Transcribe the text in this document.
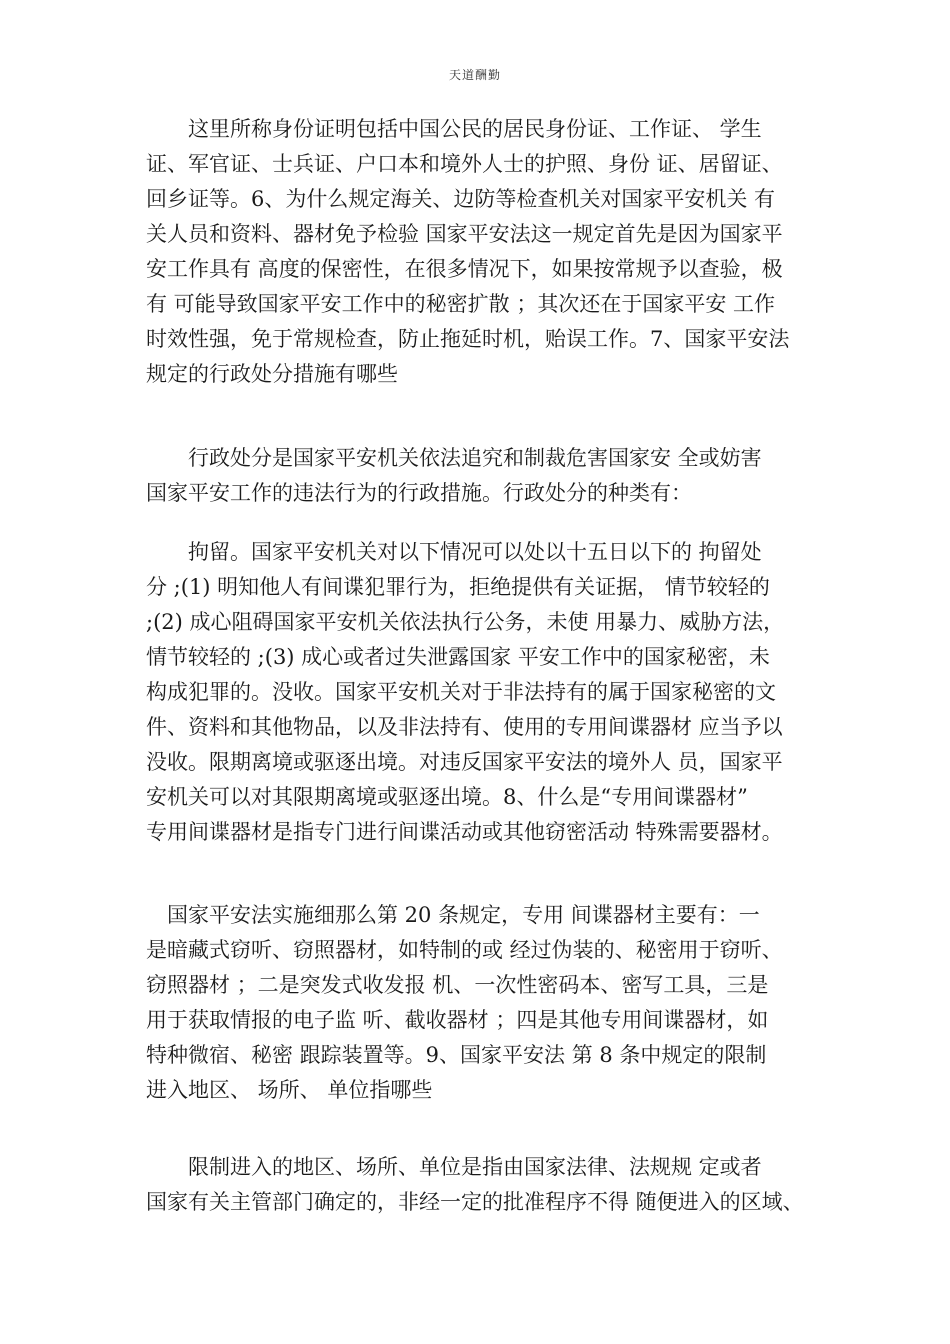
天道酬勤
　　这里所称身份证明包括中国公民的居民身份证、工作证、 学生
证、军官证、士兵证、户口本和境外人士的护照、身份 证、居留证、
回乡证等。6、为什么规定海关、边防等检查机关对国家平安机关 有
关人员和资料、器材免予检验 国家平安法这一规定首先是因为国家平
安工作具有 高度的保密性，在很多情况下，如果按常规予以查验，极
有 可能导致国家平安工作中的秘密扩散 ；其次还在于国家平安 工作
时效性强，免于常规检查，防止拖延时机，贻误工作。7、国家平安法
规定的行政处分措施有哪些
　　行政处分是国家平安机关依法追究和制裁危害国家安 全或妨害
国家平安工作的违法行为的行政措施。行政处分的种类有：
　　拘留。国家平安机关对以下情况可以处以十五日以下的 拘留处
分 ;(1) 明知他人有间谍犯罪行为，拒绝提供有关证据， 情节较轻的
;(2) 成心阻碍国家平安机关依法执行公务，未使 用暴力、威胁方法，
情节较轻的 ;(3) 成心或者过失泄露国家 平安工作中的国家秘密，未
构成犯罪的。没收。国家平安机关对于非法持有的属于国家秘密的文
件、资料和其他物品，以及非法持有、使用的专用间谍器材 应当予以
没收。限期离境或驱逐出境。对违反国家平安法的境外人 员，国家平
安机关可以对其限期离境或驱逐出境。8、什么是“专用间谍器材”
专用间谍器材是指专门进行间谍活动或其他窃密活动 特殊需要器材。
　国家平安法实施细那么第 20 条规定，专用 间谍器材主要有：一
是暗藏式窃听、窃照器材，如特制的或 经过伪装的、秘密用于窃听、
窃照器材 ；二是突发式收发报 机、一次性密码本、密写工具，三是
用于获取情报的电子监 听、截收器材 ；四是其他专用间谍器材，如
特种微宿、秘密 跟踪装置等。9、国家平安法 第 8 条中规定的限制
进入地区、 场所、 单位指哪些
　　限制进入的地区、场所、单位是指由国家法律、法规规 定或者
国家有关主管部门确定的，非经一定的批准程序不得 随便进入的区域、
